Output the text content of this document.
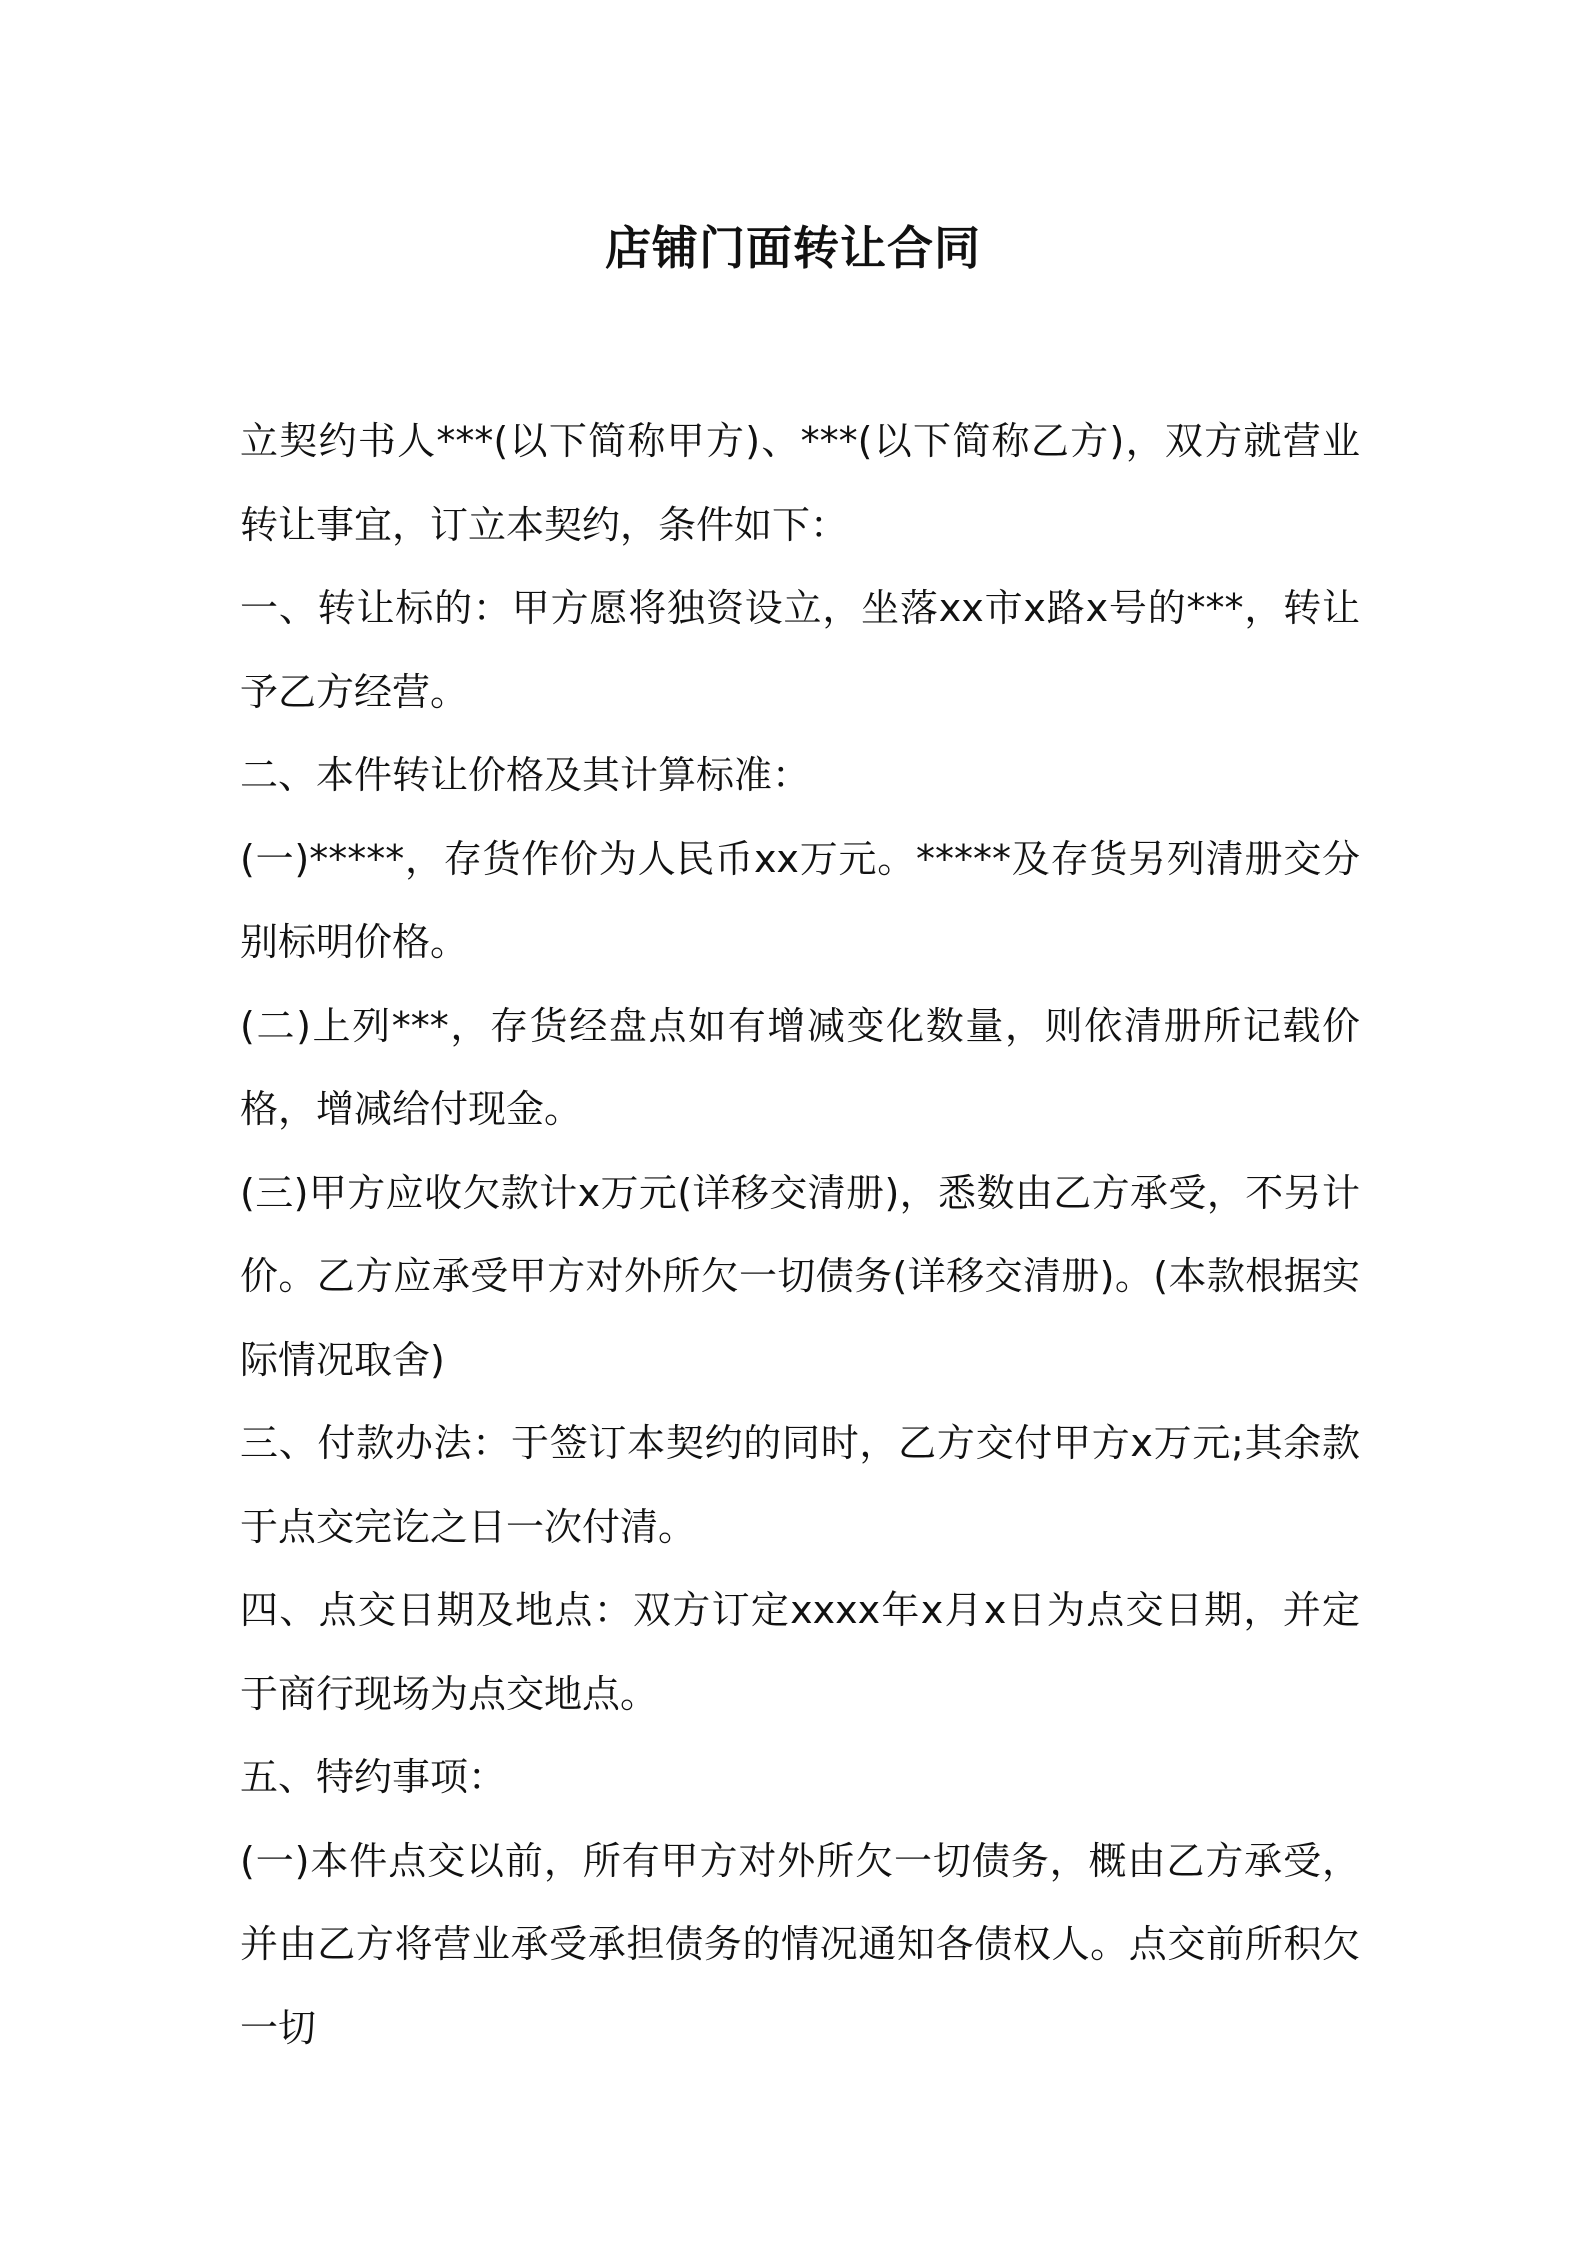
店铺门面转让合同

立契约书人***(以下简称甲方)、***(以下简称乙方)，双方就营业转让事宜，订立本契约，条件如下：

一、转让标的：甲方愿将独资设立，坐落xx市x路x号的***，转让予乙方经营。

二、本件转让价格及其计算标准：

(一)*****，存货作价为人民币xx万元。*****及存货另列清册交分别标明价格。

(二)上列***，存货经盘点如有增减变化数量，则依清册所记载价格，增减给付现金。

(三)甲方应收欠款计x万元(详移交清册)，悉数由乙方承受，不另计价。乙方应承受甲方对外所欠一切债务(详移交清册)。(本款根据实际情况取舍)

三、付款办法：于签订本契约的同时，乙方交付甲方x万元;其余款于点交完讫之日一次付清。

四、点交日期及地点：双方订定xxxx年x月x日为点交日期，并定于商行现场为点交地点。

五、特约事项：

(一)本件点交以前，所有甲方对外所欠一切债务，概由乙方承受，并由乙方将营业承受承担债务的情况通知各债权人。点交前所积欠一切
